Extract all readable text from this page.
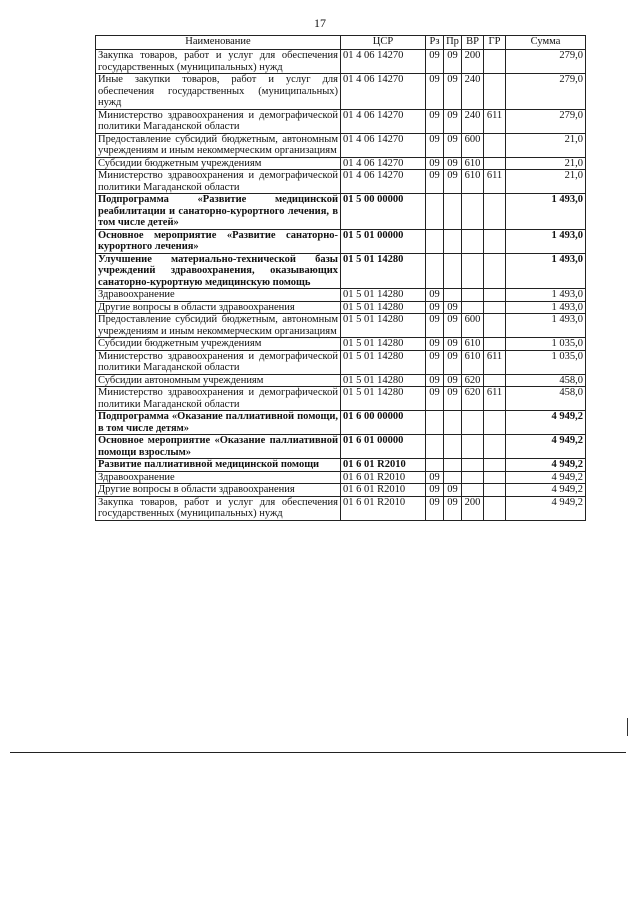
17
Наименование	ЦСР	Рз	Пр	ВР	ГР	Сумма
Закупка товаров, работ и услуг для обеспечения государственных (муниципальных) нужд	01 4 06 14270	09	09	200		279,0
Иные закупки товаров, работ и услуг для обеспечения государственных (муниципальных) нужд	01 4 06 14270	09	09	240		279,0
Министерство здравоохранения и демографической политики Магаданской области	01 4 06 14270	09	09	240	611	279,0
Предоставление субсидий бюджетным, автономным учреждениям и иным некоммерческим организациям	01 4 06 14270	09	09	600		21,0
Субсидии бюджетным учреждениям	01 4 06 14270	09	09	610		21,0
Министерство здравоохранения и демографической политики Магаданской области	01 4 06 14270	09	09	610	611	21,0
Подпрограмма «Развитие медицинской реабилитации и санаторно-курортного лечения, в том числе детей»	01 5 00 00000					1 493,0
Основное мероприятие «Развитие санаторно-курортного лечения»	01 5 01 00000					1 493,0
Улучшение материально-технической базы учреждений здравоохранения, оказывающих санаторно-курортную медицинскую помощь	01 5 01 14280					1 493,0
Здравоохранение	01 5 01 14280	09				1 493,0
Другие вопросы в области здравоохранения	01 5 01 14280	09	09			1 493,0
Предоставление субсидий бюджетным, автономным учреждениям и иным некоммерческим организациям	01 5 01 14280	09	09	600		1 493,0
Субсидии бюджетным учреждениям	01 5 01 14280	09	09	610		1 035,0
Министерство здравоохранения и демографической политики Магаданской области	01 5 01 14280	09	09	610	611	1 035,0
Субсидии автономным учреждениям	01 5 01 14280	09	09	620		458,0
Министерство здравоохранения и демографической политики Магаданской области	01 5 01 14280	09	09	620	611	458,0
Подпрограмма «Оказание паллиативной помощи, в том числе детям»	01 6 00 00000					4 949,2
Основное мероприятие «Оказание паллиативной помощи взрослым»	01 6 01 00000					4 949,2
Развитие паллиативной медицинской помощи	01 6 01 R2010					4 949,2
Здравоохранение	01 6 01 R2010	09				4 949,2
Другие вопросы в области здравоохранения	01 6 01 R2010	09	09			4 949,2
Закупка товаров, работ и услуг для обеспечения государственных (муниципальных) нужд	01 6 01 R2010	09	09	200		4 949,2
